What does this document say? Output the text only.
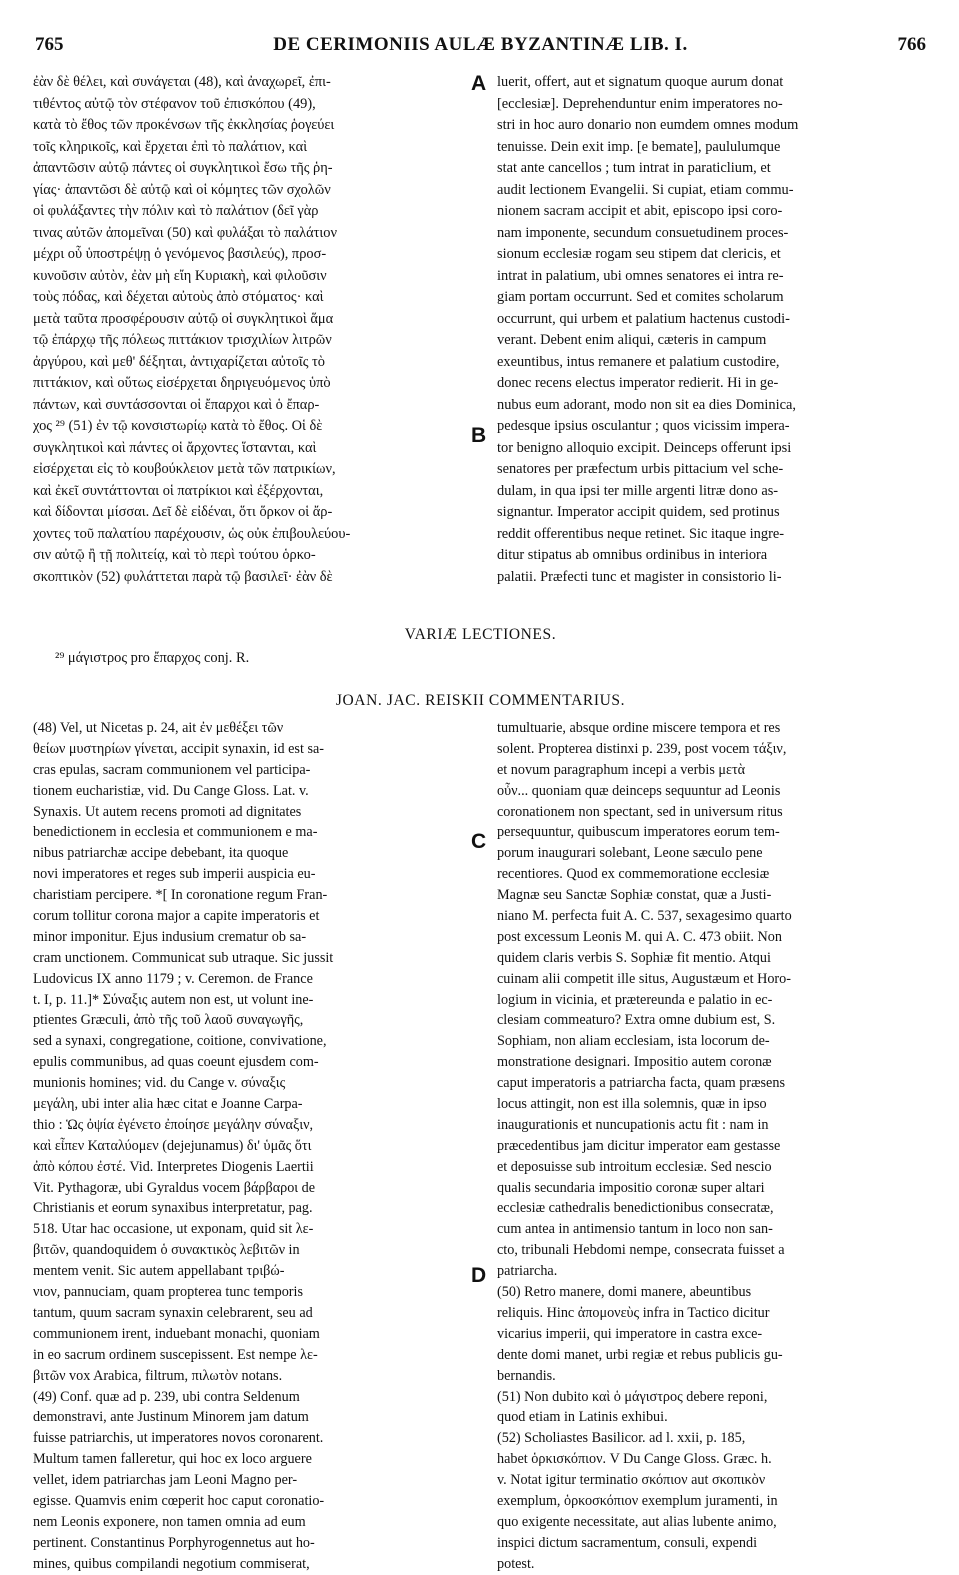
765	DE CERIMONIIS AULÆ BYZANTINÆ LIB. I.	766
ἐὰν δὲ θέλει, καὶ συνάγεται (48), καὶ ἀναχωρεῖ, ἐπι-
τιθέντος αὐτῷ τὸν στέφανον τοῦ ἐπισκόπου (49),
κατὰ τὸ ἔθος τῶν προκένσων τῆς ἐκκλησίας ῥογεύει
τοῖς κληρικοῖς, καὶ ἔρχεται ἐπὶ τὸ παλάτιον, καὶ
ἀπαντῶσιν αὐτῷ πάντες οἱ συγκλητικοὶ ἔσω τῆς ῥη-
γίας· ἀπαντῶσι δὲ αὐτῷ καὶ οἱ κόμητες τῶν σχολῶν
οἱ φυλάξαντες τὴν πόλιν καὶ τὸ παλάτιον (δεῖ γὰρ
τινας αὐτῶν ἀπομεῖναι (50) καὶ φυλάξαι τὸ παλάτιον
μέχρι οὗ ὑποστρέψῃ ὁ γενόμενος βασιλεύς), προσ-
κυνοῦσιν αὐτὸν, ἐὰν μὴ εἴη Κυριακὴ, καὶ φιλοῦσιν
τοὺς πόδας, καὶ δέχεται αὐτοὺς ἀπὸ στόματος· καὶ
μετὰ ταῦτα προσφέρουσιν αὐτῷ οἱ συγκλητικοὶ ἅμα
τῷ ἐπάρχῳ τῆς πόλεως πιττάκιον τρισχιλίων λιτρῶν
ἀργύρου, καὶ μεθ' δέξηται, ἀντιχαρίζεται αὐτοῖς τὸ
πιττάκιον, καὶ οὕτως εἰσέρχεται δηριγευόμενος ὑπὸ
πάντων, καὶ συντάσσονται οἱ ἔπαρχοι καὶ ὁ ἔπαρ-
χος ²⁹ (51) ἐν τῷ κονσιστωρίῳ κατὰ τὸ ἔθος. Οἱ δὲ
συγκλητικοὶ καὶ πάντες οἱ ἄρχοντες ἵστανται, καὶ
εἰσέρχεται εἰς τὸ κουβούκλειον μετὰ τῶν πατρικίων,
καὶ ἐκεῖ συντάττονται οἱ πατρίκιοι καὶ ἐξέρχονται,
καὶ δίδονται μίσσαι. Δεῖ δὲ εἰδέναι, ὅτι ὅρκον οἱ ἄρ-
χοντες τοῦ παλατίου παρέχουσιν, ὡς οὐκ ἐπιβουλεύου-
σιν αὐτῷ ἢ τῇ πολιτείᾳ, καὶ τὸ περὶ τούτου ὁρκο-
σκοπτικὸν (52) φυλάττεται παρὰ τῷ βασιλεῖ· ἐὰν δὲ
luerit, offert, aut et signatum quoque aurum donat
[ecclesiæ]. Deprehenduntur enim imperatores no-
stri in hoc auro donario non eumdem omnes modum
tenuisse. Dein exit imp. [e bemate], paululumque
stat ante cancellos ; tum intrat in paraticlium, et
audit lectionem Evangelii. Si cupiat, etiam commu-
nionem sacram accipit et abit, episcopo ipsi coro-
nam imponente, secundum consuetudinem proces-
sionum ecclesiæ rogam seu stipem dat clericis, et
intrat in palatium, ubi omnes senatores ei intra re-
giam portam occurrunt. Sed et comites scholarum
occurrunt, qui urbem et palatium hactenus custodi-
verant. Debent enim aliqui, cæteris in campum
exeuntibus, intus remanere et palatium custodire,
donec recens electus imperator redierit. Hi in ge-
nubus eum adorant, modo non sit ea dies Dominica,
pedesque ipsius osculantur ; quos vicissim impera-
tor benigno alloquio excipit. Deinceps offerunt ipsi
senatores per præfectum urbis pittacium vel sche-
dulam, in qua ipsi ter mille argenti litræ dono as-
signantur. Imperator accipit quidem, sed protinus
reddit offerentibus neque retinet. Sic itaque ingre-
ditur stipatus ab omnibus ordinibus in interiora
palatii. Præfecti tunc et magister in consistorio li-
A
B
C
D
VARIÆ LECTIONES.
²⁹ μάγιστρος pro ἔπαρχος conj. R.
JOAN. JAC. REISKII COMMENTARIUS.
(48) Vel, ut Nicetas p. 24, ait ἐν μεθέξει τῶν
θείων μυστηρίων γίνεται, accipit synaxin, id est sa-
cras epulas, sacram communionem vel participa-
tionem eucharistiæ, vid. Du Cange Gloss. Lat. v.
Synaxis. Ut autem recens promoti ad dignitates
benedictionem in ecclesia et communionem e ma-
nibus patriarchæ accipe debebant, ita quoque
novi imperatores et reges sub imperii auspicia eu-
charistiam percipere. *[ In coronatione regum Fran-
corum tollitur corona major a capite imperatoris et
minor imponitur. Ejus indusium crematur ob sa-
cram unctionem. Communicat sub utraque. Sic jussit
Ludovicus IX anno 1179 ; v. Ceremon. de France
t. I, p. 11.]* Σύναξις autem non est, ut volunt ine-
ptientes Græculi, ἀπὸ τῆς τοῦ λαοῦ συναγωγῆς,
sed a synaxi, congregatione, coitione, convivatione,
epulis communibus, ad quas coeunt ejusdem com-
munionis homines; vid. du Cange v. σύναξις
μεγάλη, ubi inter alia hæc citat e Joanne Carpa-
thio : Ὡς ὀψία ἐγένετο ἐποίησε μεγάλην σύναξιν,
καὶ εἶπεν Καταλύομεν (dejejunamus) δι' ὑμᾶς ὅτι
ἀπὸ κόπου ἐστέ. Vid. Interpretes Diogenis Laertii
Vit. Pythagoræ, ubi Gyraldus vocem βάρβαροι de
Christianis et eorum synaxibus interpretatur, pag.
518. Utar hac occasione, ut exponam, quid sit λε-
βιτῶν, quandoquidem ὁ συνακτικὸς λεβιτῶν in
mentem venit. Sic autem appellabant τριβώ-
νιον, pannuciam, quam propterea tunc temporis
tantum, quum sacram synaxin celebrarent, seu ad
communionem irent, induebant monachi, quoniam
in eo sacrum ordinem suscepissent. Est nempe λε-
βιτῶν vox Arabica, filtrum, πιλωτὸν notans.
(49) Conf. quæ ad p. 239, ubi contra Seldenum
demonstravi, ante Justinum Minorem jam datum
fuisse patriarchis, ut imperatores novos coronarent.
Multum tamen falleretur, qui hoc ex loco arguere
vellet, idem patriarchas jam Leoni Magno per-
egisse. Quamvis enim cœperit hoc caput coronatio-
nem Leonis exponere, non tamen omnia ad eum
pertinent. Constantinus Porphyrogennetus aut ho-
mines, quibus compilandi negotium commiserat,
tumultuarie, absque ordine miscere tempora et res
solent. Propterea distinxi p. 239, post vocem τάξιν,
et novum paragraphum incepi a verbis μετὰ
οὖν... quoniam quæ deinceps sequuntur ad Leonis
coronationem non spectant, sed in universum ritus
persequuntur, quibuscum imperatores eorum tem-
porum inaugurari solebant, Leone sæculo pene
recentiores. Quod ex commemoratione ecclesiæ
Magnæ seu Sanctæ Sophiæ constat, quæ a Justi-
niano M. perfecta fuit A. C. 537, sexagesimo quarto
post excessum Leonis M. qui A. C. 473 obiit. Non
quidem claris verbis S. Sophiæ fit mentio. Atqui
cuinam alii competit ille situs, Augustæum et Horo-
logium in vicinia, et prætereunda e palatio in ec-
clesiam commeaturo? Extra omne dubium est, S.
Sophiam, non aliam ecclesiam, ista locorum de-
monstratione designari. Impositio autem coronæ
caput imperatoris a patriarcha facta, quam præsens
locus attingit, non est illa solemnis, quæ in ipso
inaugurationis et nuncupationis actu fit : nam in
præcedentibus jam dicitur imperator eam gestasse
et deposuisse sub introitum ecclesiæ. Sed nescio
qualis secundaria impositio coronæ super altari
ecclesiæ cathedralis benedictionibus consecratæ,
cum antea in antimensio tantum in loco non san-
cto, tribunali Hebdomi nempe, consecrata fuisset a
patriarcha.
(50) Retro manere, domi manere, abeuntibus
reliquis. Hinc ἀπομονεὺς infra in Tactico dicitur
vicarius imperii, qui imperatore in castra exce-
dente domi manet, urbi regiæ et rebus publicis gu-
bernandis.
(51) Non dubito καὶ ὁ μάγιστρος debere reponi,
quod etiam in Latinis exhibui.
(52) Scholiastes Basilicor. ad l. xxii, p. 185,
habet ὁρκισκόπιον. V Du Cange Gloss. Græc. h.
v. Notat igitur terminatio σκόπιον aut σκοπικὸν
exemplum, ὁρκοσκόπιον exemplum juramenti, in
quo exigente necessitate, aut alias lubente animo,
inspici dictum sacramentum, consuli, expendi
potest.
